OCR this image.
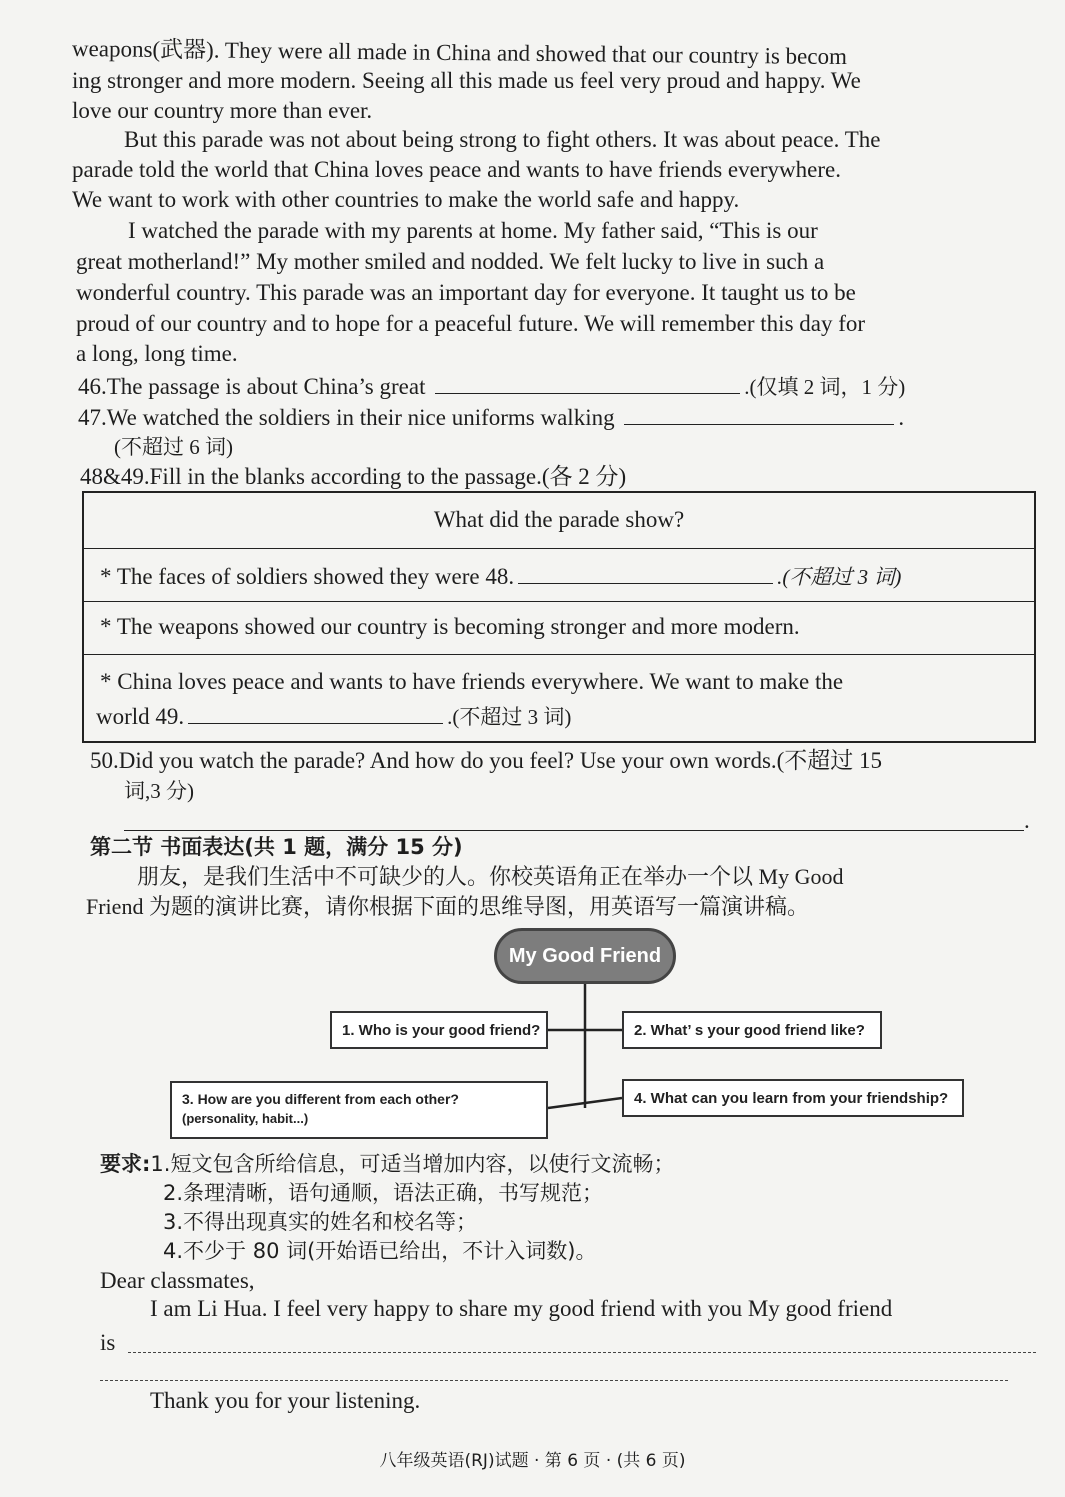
weapons(武器). They were all made in China and showed that our country is becom
ing stronger and more modern. Seeing all this made us feel very proud and happy. We
love our country more than ever.
But this parade was not about being strong to fight others. It was about peace. The
parade told the world that China loves peace and wants to have friends everywhere.
We want to work with other countries to make the world safe and happy.
I watched the parade with my parents at home. My father said, “This is our
great motherland!” My mother smiled and nodded. We felt lucky to live in such a
wonderful country. This parade was an important day for everyone. It taught us to be
proud of our country and to hope for a peaceful future. We will remember this day for
a long, long time.
46.The passage is about China’s great	.(仅填 2 词，1 分)
47.We watched the soldiers in their nice uniforms walking	.
(不超过 6 词)
48&49.Fill in the blanks according to the passage.(各 2 分)
What did the parade show?
* The faces of soldiers showed they were 48.	.(不超过 3 词)
* The weapons showed our country is becoming stronger and more modern.
* China loves peace and wants to have friends everywhere. We want to make the
world 49.	.(不超过 3 词)
50.Did you watch the parade? And how do you feel? Use your own words.(不超过 15
词,3 分)
.
第二节 书面表达(共 1 题，满分 15 分)
朋友，是我们生活中不可缺少的人。你校英语角正在举办一个以 My Good
Friend 为题的演讲比赛，请你根据下面的思维导图，用英语写一篇演讲稿。
My Good Friend
1. Who is your good friend?	2. What’ s your good friend like?
3. How are you different from each other?
(personality, habit...)
4. What can you learn from your friendship?
要求:1.短文包含所给信息，可适当增加内容，以使行文流畅；
2.条理清晰，语句通顺，语法正确，书写规范；
3.不得出现真实的姓名和校名等；
4.不少于 80 词(开始语已给出，不计入词数)。
Dear classmates,
I am Li Hua. I feel very happy to share my good friend with you My good friend
is
Thank you for your listening.
八年级英语(RJ)试题 · 第 6 页 · (共 6 页)
